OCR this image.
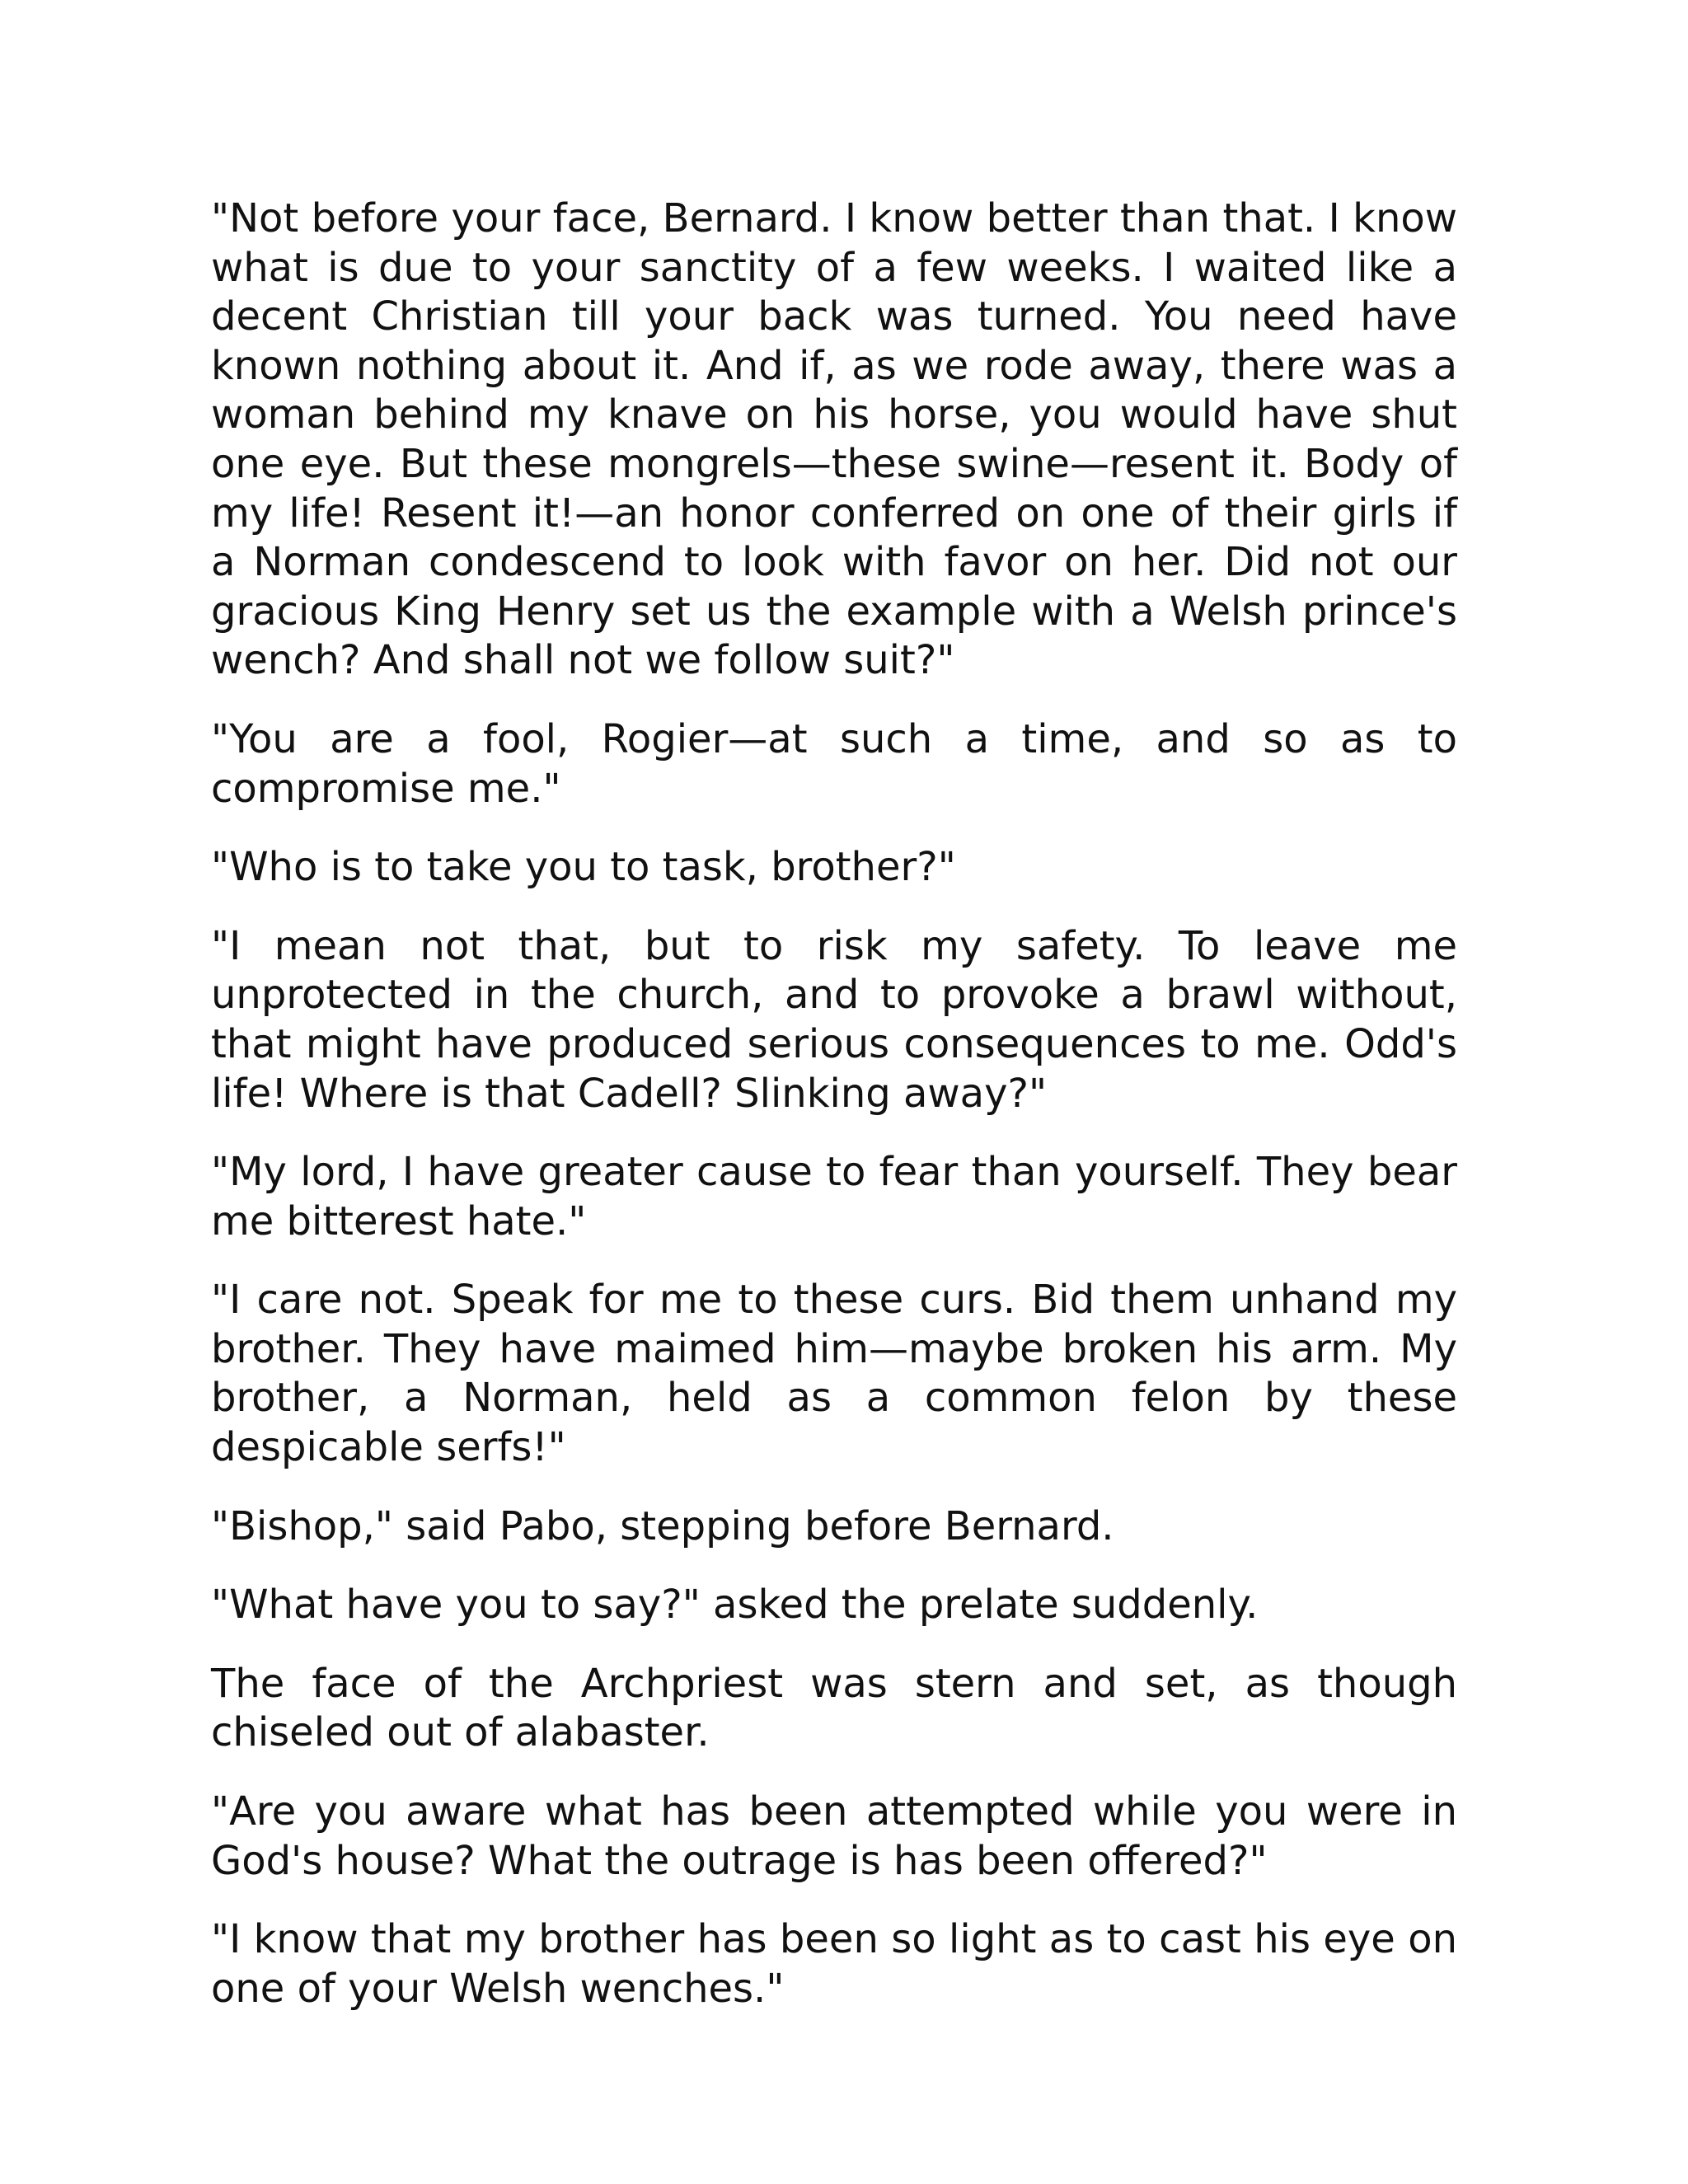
"Not before your face, Bernard. I know better than that. I know what is due to your sanctity of a few weeks. I waited like a decent Christian till your back was turned. You need have known nothing about it. And if, as we rode away, there was a woman behind my knave on his horse, you would have shut one eye. But these mongrels—these swine—resent it. Body of my life! Resent it!—an honor conferred on one of their girls if a Norman condescend to look with favor on her. Did not our gracious King Henry set us the example with a Welsh prince's wench? And shall not we follow suit?"

"You are a fool, Rogier—at such a time, and so as to compromise me."

"Who is to take you to task, brother?"

"I mean not that, but to risk my safety. To leave me unprotected in the church, and to provoke a brawl without, that might have produced serious consequences to me. Odd's life! Where is that Cadell? Slinking away?"

"My lord, I have greater cause to fear than yourself. They bear me bitterest hate."

"I care not. Speak for me to these curs. Bid them unhand my brother. They have maimed him—maybe broken his arm. My brother, a Norman, held as a common felon by these despicable serfs!"

"Bishop," said Pabo, stepping before Bernard.

"What have you to say?" asked the prelate suddenly.

The face of the Archpriest was stern and set, as though chiseled out of alabaster.

"Are you aware what has been attempted while you were in God's house? What the outrage is has been offered?"

"I know that my brother has been so light as to cast his eye on one of your Welsh wenches."
